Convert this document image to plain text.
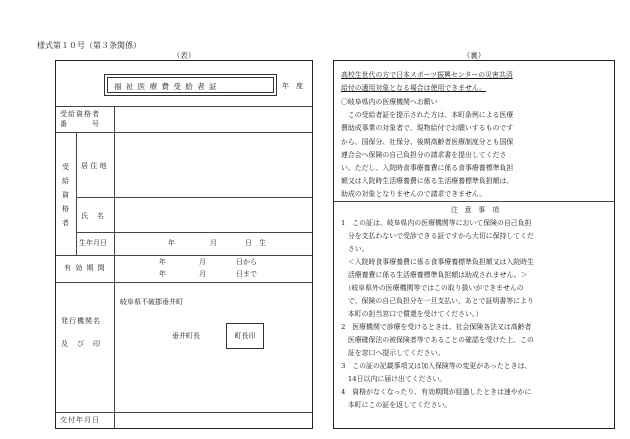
様式第１０号（第３条関係）
（表）
福 祉 医 療 費 受 給 者 証	年　度
受給資格者
番　　　号
受
給
資
格
者
居 住 地
氏　名
生年月日	年	月	日　生
有 効 期 間
年	月	日から
年	月	日まで
発行機関名
及　び　印
岐阜県不破郡垂井町
垂井町長	町長印
交付年月日
（裏）
高校生世代の方で日本スポーツ振興センターの災害共済
給付の適用対象となる場合は使用できません。
〇岐阜県内の医療機関へお願い
　この受給者証を提示された方は、本町条例による医療
費助成事業の対象者で、現物給付でお願いするものです
から、国保分、社保分、後期高齢者医療制度分とも国保
連合会へ保険の自己負担分の請求書を提出してくださ
い。ただし、入院時食事療養費に係る食事療養標準負担
額又は入院時生活療養費に係る生活療養標準負担額は、
助成の対象となりませんので請求できません。
注　意　事　項
1　この証は、岐阜県内の医療機関等において保険の自己負担
　分を支払わないで受診できる証ですから大切に保持してくだ
　さい。
　＜入院時食事療養費に係る食事療養標準負担額又は入院時生
　活療養費に係る生活療養標準負担額は助成されません。＞
　（岐阜県外の医療機関等ではこの取り扱いができませんの
　で、保険の自己負担分を一旦支払い、あとで証明書等により
　本町の担当窓口で償還を受けてください。）
2　医療機関で診療を受けるときは、社会保険各法又は高齢者
　医療確保法の被保険者等であることの確認を受けた上、この
　証を窓口へ提示してください。
3　この証の記載事項又は加入保険等の変更があったときは、
　14日以内に届け出てください。
4　資格がなくなったり、有効期間が経過したときは速やかに
　本町にこの証を返してください。
